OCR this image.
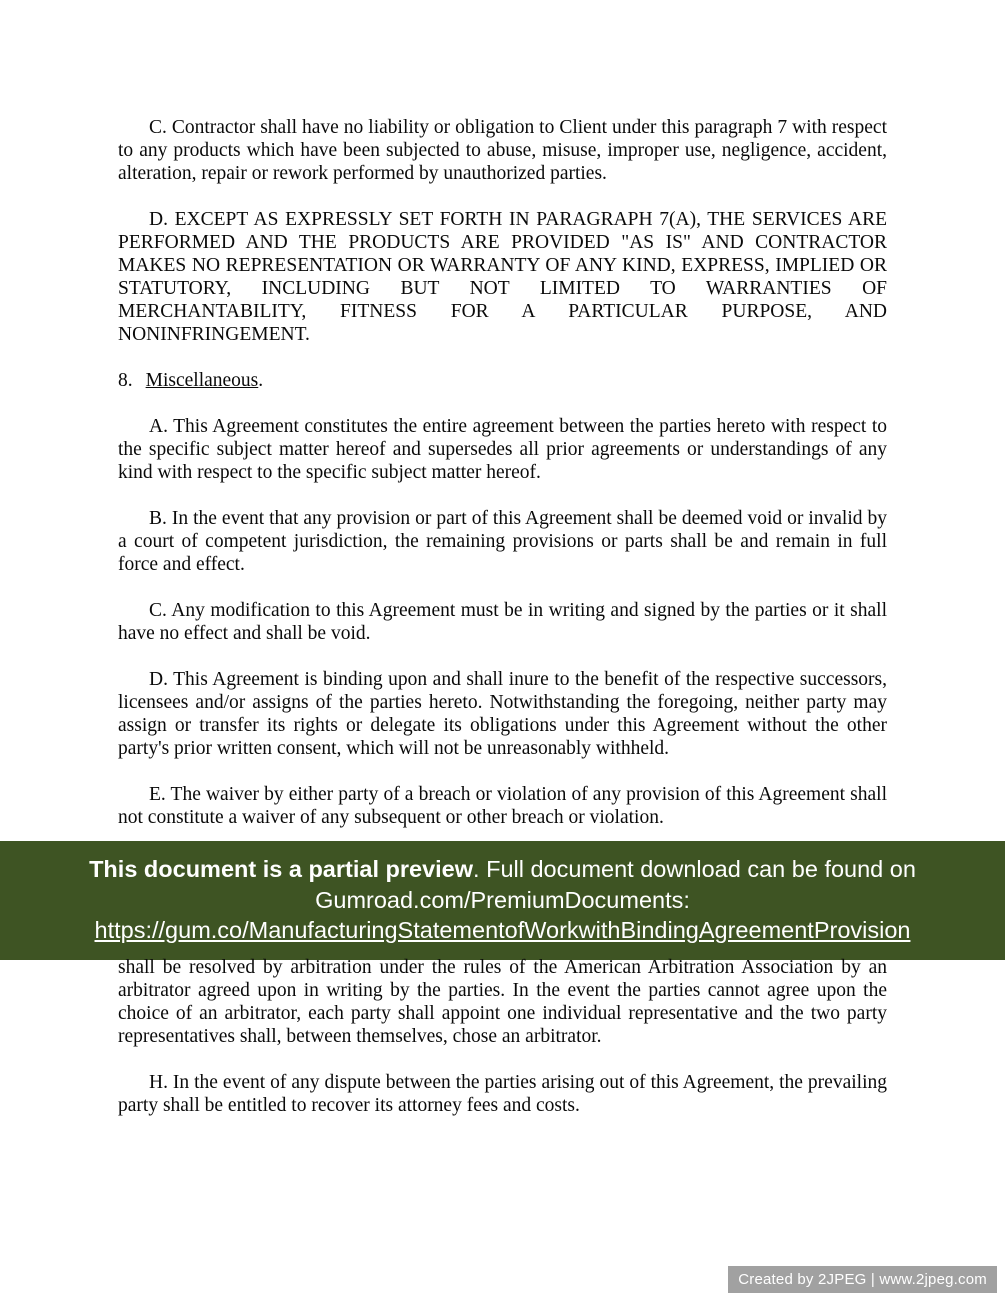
C. Contractor shall have no liability or obligation to Client under this paragraph 7 with respect to any products which have been subjected to abuse, misuse, improper use, negligence, accident, alteration, repair or rework performed by unauthorized parties.

D. EXCEPT AS EXPRESSLY SET FORTH IN PARAGRAPH 7(A), THE SERVICES ARE PERFORMED AND THE PRODUCTS ARE PROVIDED "AS IS" AND CONTRACTOR MAKES NO REPRESENTATION OR WARRANTY OF ANY KIND, EXPRESS, IMPLIED OR STATUTORY, INCLUDING BUT NOT LIMITED TO WARRANTIES OF MERCHANTABILITY, FITNESS FOR A PARTICULAR PURPOSE, AND NONINFRINGEMENT.

8. Miscellaneous.

A. This Agreement constitutes the entire agreement between the parties hereto with respect to the specific subject matter hereof and supersedes all prior agreements or understandings of any kind with respect to the specific subject matter hereof.

B. In the event that any provision or part of this Agreement shall be deemed void or invalid by a court of competent jurisdiction, the remaining provisions or parts shall be and remain in full force and effect.

C. Any modification to this Agreement must be in writing and signed by the parties or it shall have no effect and shall be void.

D. This Agreement is binding upon and shall inure to the benefit of the respective successors, licensees and/or assigns of the parties hereto. Notwithstanding the foregoing, neither party may assign or transfer its rights or delegate its obligations under this Agreement without the other party's prior written consent, which will not be unreasonably withheld.

E. The waiver by either party of a breach or violation of any provision of this Agreement shall not constitute a waiver of any subsequent or other breach or violation.

This document is a partial preview. Full document download can be found on
Gumroad.com/PremiumDocuments:
https://gum.co/ManufacturingStatementofWorkwithBindingAgreementProvision

shall be resolved by arbitration under the rules of the American Arbitration Association by an arbitrator agreed upon in writing by the parties. In the event the parties cannot agree upon the choice of an arbitrator, each party shall appoint one individual representative and the two party representatives shall, between themselves, chose an arbitrator.

H. In the event of any dispute between the parties arising out of this Agreement, the prevailing party shall be entitled to recover its attorney fees and costs.

Created by 2JPEG | www.2jpeg.com
